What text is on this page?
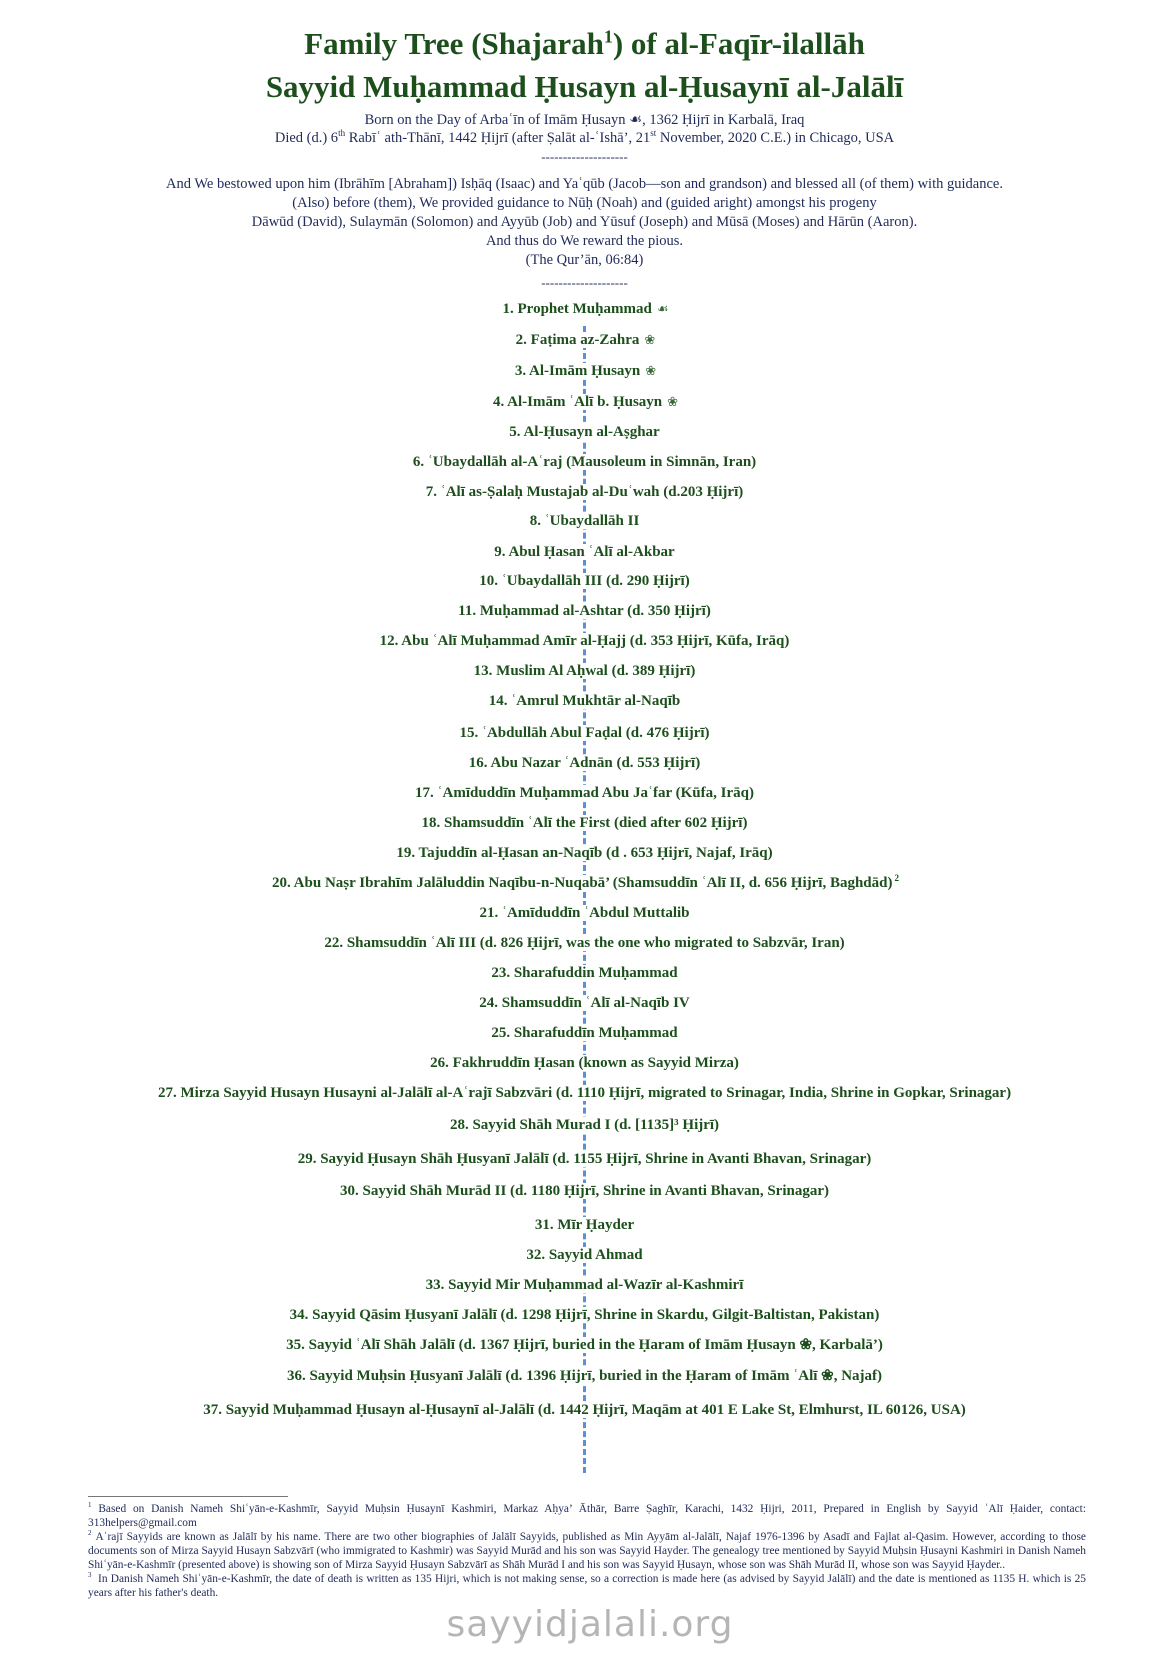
Family Tree (Shajarah$^1$) of al-Faqīr-ilallāh
Sayyid Muḥammad Ḥusayn al-Ḥusaynī al-Jalālī
Born on the Day of Arbaʿīn of Imām Ḥusayn ☙, 1362 Ḥijrī in Karbalā, Iraq
Died (d.) 6th Rabīʿ ath-Thānī, 1442 Ḥijrī (after Ṣalāt al-ʿIshā’, 21st November, 2020 C.E.) in Chicago, USA
--------------------
And We bestowed upon him (Ibrāhīm [Abraham]) Isḥāq (Isaac) and Yaʿqūb (Jacob—son and grandson) and blessed all (of them) with guidance.
(Also) before (them), We provided guidance to Nūḥ (Noah) and (guided aright) amongst his progeny
Dāwūd (David), Sulaymān (Solomon) and Ayyūb (Job) and Yūsuf (Joseph) and Mūsā (Moses) and Hārūn (Aaron).
And thus do We reward the pious.
(The Qur’ān, 06:84)
--------------------
1. Prophet Muḥammad ☙
2. Faṭima az-Zahra ❀
3. Al-Imām Ḥusayn ❀
4. Al-Imām ʿAlī b. Ḥusayn ❀
5. Al-Ḥusayn al-Aṣghar
6. ʿUbaydallāh al-Aʿraj (Mausoleum in Simnān, Iran)
7. ʿAlī as-Ṣalaḥ Mustajab al-Duʿwah (d.203 Ḥijrī)
8. ʿUbaydallāh II
9. Abul Ḥasan ʿAlī al-Akbar
10. ʿUbaydallāh III (d. 290 Ḥijrī)
11. Muḥammad al-Ashtar (d. 350 Ḥijrī)
12. Abu ʿAlī Muḥammad Amīr al-Ḥajj (d. 353 Ḥijrī, Kūfa, Irāq)
13. Muslim Al Aḥwal (d. 389 Ḥijrī)
14. ʿAmrul Mukhtār al-Naqīb
15. ʿAbdullāh Abul Faḍal (d. 476 Ḥijrī)
16. Abu Nazar ʿAdnān (d. 553 Ḥijrī)
17. ʿAmīduddīn Muḥammad Abu Jaʿfar (Kūfa, Irāq)
18. Shamsuddīn ʿAlī the First (died after 602 Ḥijrī)
19. Tajuddīn al-Ḥasan an-Naqīb (d . 653 Ḥijrī, Najaf, Irāq)
20. Abu Naṣr Ibrahīm Jalāluddin Naqību-n-Nuqabā’ (Shamsuddīn ʿAlī II, d. 656 Ḥijrī, Baghdād) $^2$
21. ʿAmīduddīn ʿAbdul Muttalib
22. Shamsuddīn ʿAlī III (d. 826 Ḥijrī, was the one who migrated to Sabzvār, Iran)
23. Sharafuddin Muḥammad
24. Shamsuddīn ʿAlī al-Naqīb IV
25. Sharafuddīn Muḥammad
26. Fakhruddīn Ḥasan (known as Sayyid Mirza)
27. Mirza Sayyid Husayn Husayni al-Jalālī al-Aʿrajī Sabzvāri (d. 1110 Ḥijrī, migrated to Srinagar, India, Shrine in Gopkar, Srinagar)
28. Sayyid Shāh Murad I (d. [1135]³ Ḥijrī)
29. Sayyid Ḥusayn Shāh Ḥusyanī Jalālī (d. 1155 Ḥijrī, Shrine in Avanti Bhavan, Srinagar)
30. Sayyid Shāh Murād II (d. 1180 Ḥijrī, Shrine in Avanti Bhavan, Srinagar)
31. Mīr Ḥayder
32. Sayyid Ahmad
33. Sayyid Mir Muḥammad al-Wazīr al-Kashmirī
34. Sayyid Qāsim Ḥusyanī Jalālī (d. 1298 Ḥijrī, Shrine in Skardu, Gilgit-Baltistan, Pakistan)
35. Sayyid ʿAlī Shāh Jalālī (d. 1367 Ḥijrī, buried in the Ḥaram of Imām Ḥusayn ❀, Karbalā’)
36. Sayyid Muḥsin Ḥusyanī Jalālī (d. 1396 Ḥijrī, buried in the Ḥaram of Imām ʿAlī ❀, Najaf)
37. Sayyid Muḥammad Ḥusayn al-Ḥusaynī al-Jalālī (d. 1442 Ḥijrī, Maqām at 401 E Lake St, Elmhurst, IL 60126, USA)

$^1$ Based on Danish Nameh Shiʿyān-e-Kashmīr, Sayyid Muḥsin Ḥusaynī Kashmiri, Markaz Aḥya’ Āthār, Barre Ṣaghīr, Karachi, 1432 Ḥijri, 2011, Prepared in English by Sayyid ʿAlī Ḥaider, contact: 313helpers@gmail.com

$^2$ Aʿrajī Sayyids are known as Jalālī by his name. There are two other biographies of Jalālī Sayyids, published as Min Ayyām al-Jalālī, Najaf 1976-1396 by Asadī and Fajlat al-Qasim. However, according to those documents son of Mirza Sayyid Husayn Sabzvārī (who immigrated to Kashmir) was Sayyid Murād and his son was Sayyid Hayder. The genealogy tree mentioned by Sayyid Muḥsin Ḥusayni Kashmiri in Danish Nameh Shiʿyān-e-Kashmīr (presented above) is showing son of Mirza Sayyid Ḥusayn Sabzvārī as Shāh Murād I and his son was Sayyid Ḥusayn, whose son was Shāh Murād II, whose son was Sayyid Ḥayder..

$^3$  In Danish Nameh Shiʿyān-e-Kashmīr, the date of death is written as 135 Hijri, which is not making sense, so a correction is made here (as advised by Sayyid Jalālī) and the date is mentioned as 1135 H. which is 25 years after his father's death.

sayyidjalali.org
